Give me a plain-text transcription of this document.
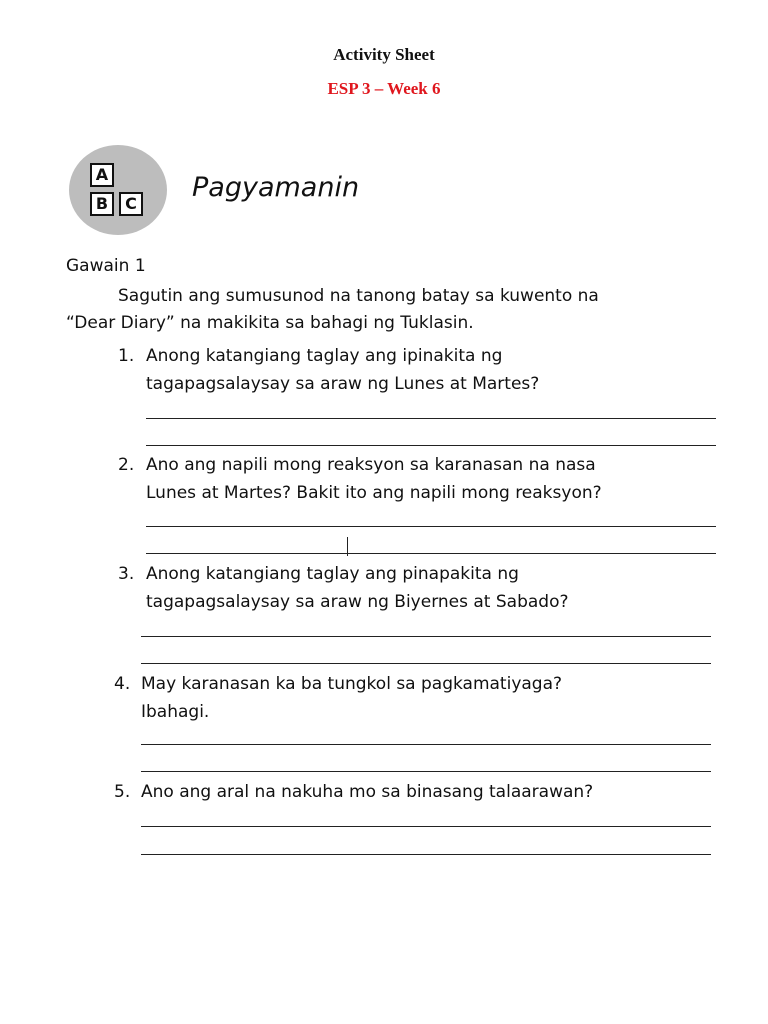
Activity Sheet
ESP 3 – Week 6
A
B	C
Pagyamanin
Gawain 1
Sagutin ang sumusunod na tanong batay sa kuwento na
“Dear Diary” na makikita sa bahagi ng Tuklasin.
1. Anong katangiang taglay ang ipinakita ng
tagapagsalaysay sa araw ng Lunes at Martes?
2. Ano ang napili mong reaksyon sa karanasan na nasa
Lunes at Martes? Bakit ito ang napili mong reaksyon?
3. Anong katangiang taglay ang pinapakita ng
tagapagsalaysay sa araw ng Biyernes at Sabado?
4. May karanasan ka ba tungkol sa pagkamatiyaga?
Ibahagi.
5. Ano ang aral na nakuha mo sa binasang talaarawan?
